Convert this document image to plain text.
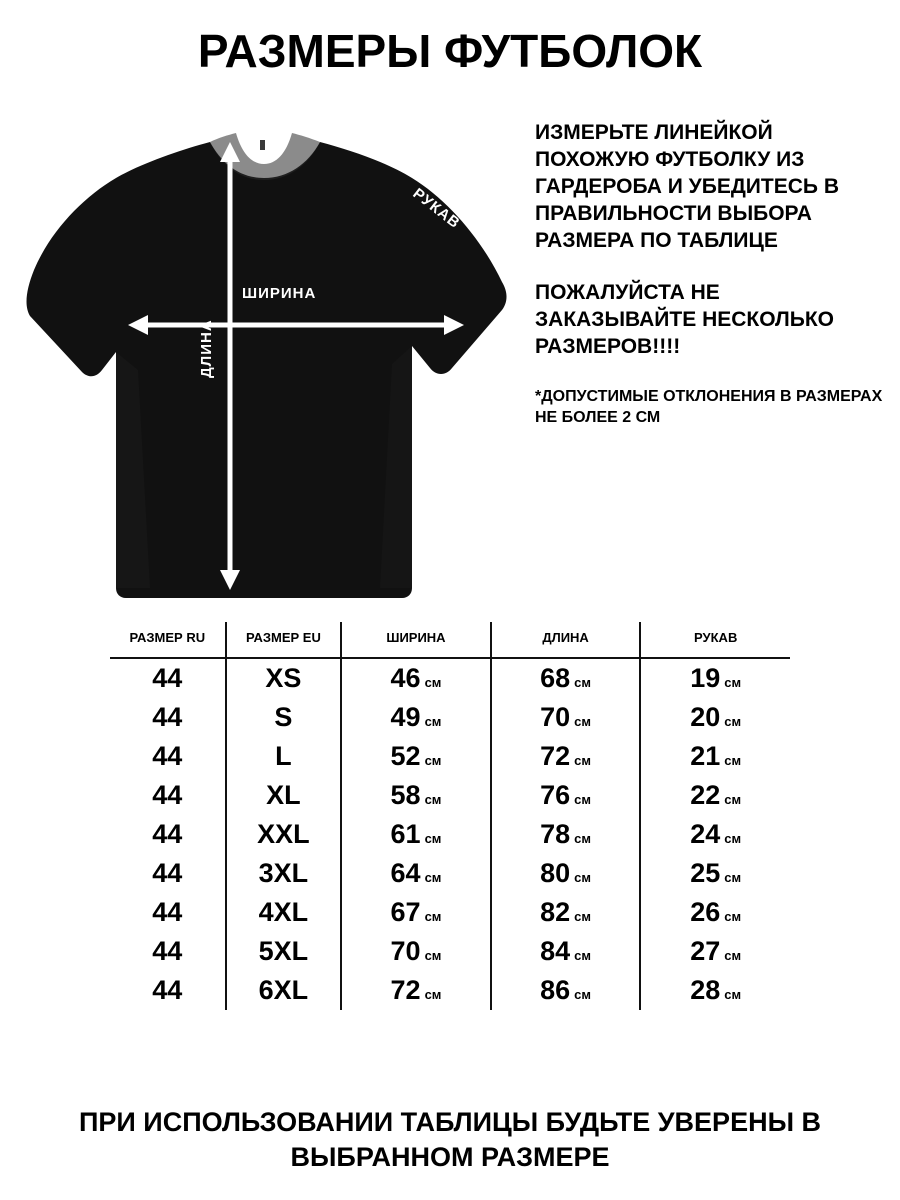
РАЗМЕРЫ ФУТБОЛОК
ШИРИНА
ДЛИНА
РУКАВ
ИЗМЕРЬТЕ ЛИНЕЙКОЙ ПОХОЖУЮ ФУТБОЛКУ ИЗ ГАРДЕРОБА И УБЕДИТЕСЬ В ПРАВИЛЬНОСТИ ВЫБОРА РАЗМЕРА ПО ТАБЛИЦЕ
ПОЖАЛУЙСТА НЕ ЗАКАЗЫВАЙТЕ НЕСКОЛЬКО РАЗМЕРОВ!!!!
*ДОПУСТИМЫЕ ОТКЛОНЕНИЯ В РАЗМЕРАХ НЕ БОЛЕЕ 2 СМ
РАЗМЕР RU	РАЗМЕР EU	ШИРИНА	ДЛИНА	РУКАВ
44	XS	46 см	68 см	19 см
44	S	49 см	70 см	20 см
44	L	52 см	72 см	21 см
44	XL	58 см	76 см	22 см
44	XXL	61 см	78 см	24 см
44	3XL	64 см	80 см	25 см
44	4XL	67 см	82 см	26 см
44	5XL	70 см	84 см	27 см
44	6XL	72 см	86 см	28 см
ПРИ ИСПОЛЬЗОВАНИИ ТАБЛИЦЫ БУДЬТЕ УВЕРЕНЫ В ВЫБРАННОМ РАЗМЕРЕ
